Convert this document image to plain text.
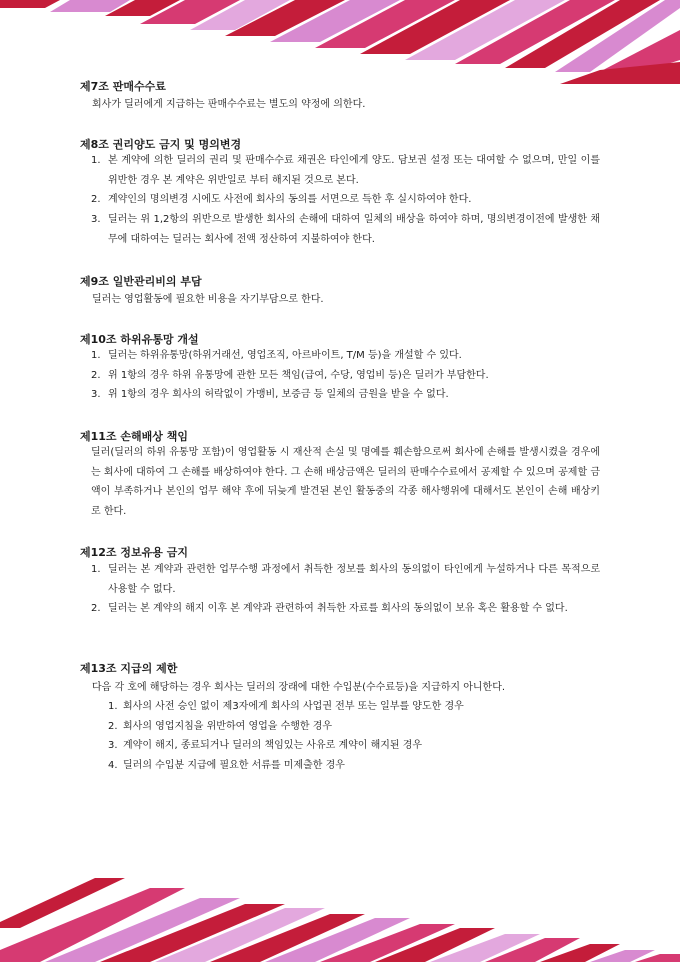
제7조 판매수수료
회사가 딜러에게 지급하는 판매수수료는 별도의 약정에 의한다.
제8조 권리양도 금지 및 명의변경
1. 본 계약에 의한 딜러의 권리 및 판매수수료 채권은 타인에게 양도. 담보권 설정 또는 대여할 수 없으며, 만일 이를 위반한 경우 본 계약은 위반일로 부터 해지된 것으로 본다.
2. 계약인의 명의변경 시에도 사전에 회사의 동의를 서면으로 득한 후 실시하여야 한다.
3. 딜러는 위 1,2항의 위반으로 발생한 회사의 손해에 대하여 일체의 배상을 하여야 하며, 명의변경이전에 발생한 채무에 대하여는 딜러는 회사에 전액 정산하여 지불하여야 한다.
제9조 일반관리비의 부담
딜러는 영업활동에 필요한 비용을 자기부담으로 한다.
제10조 하위유통망 개설
1. 딜러는 하위유통망(하위거래선, 영업조직, 아르바이트, T/M 등)을 개설할 수 있다.
2. 위 1항의 경우 하위 유통망에 관한 모든 책임(급여, 수당, 영업비 등)은 딜러가 부담한다.
3. 위 1항의 경우 회사의 허락없이 가맹비, 보증금 등 일체의 금원을 받을 수 없다.
제11조 손해배상 책임
딜러(딜러의 하위 유통망 포함)이 영업활동 시 재산적 손실 및 명예를 훼손함으로써 회사에 손해를 발생시켰을 경우에는 회사에 대하여 그 손해를 배상하여야 한다. 그 손해 배상금액은 딜러의 판매수수료에서 공제할 수 있으며 공제할 금액이 부족하거나 본인의 업무 해약 후에 뒤늦게 발견된 본인 활동중의 각종 해사행위에 대해서도 본인이 손해 배상키로 한다.
제12조 정보유용 금지
1. 딜러는 본 계약과 관련한 업무수행 과정에서 취득한 정보를 회사의 동의없이 타인에게 누설하거나 다른 목적으로 사용할 수 없다.
2. 딜러는 본 계약의 해지 이후 본 계약과 관련하여 취득한 자료를 회사의 동의없이 보유 혹은 활용할 수 없다.
제13조 지급의 제한
다음 각 호에 해당하는 경우 회사는 딜러의 장래에 대한 수입분(수수료등)을 지급하지 아니한다.
1. 회사의 사전 승인 없이 제3자에게 회사의 사업권 전부 또는 일부를 양도한 경우
2. 회사의 영업지침을 위반하여 영업을 수행한 경우
3. 계약이 해지, 종료되거나 딜러의 책임있는 사유로 계약이 해지된 경우
4. 딜러의 수입분 지급에 필요한 서류를 미제출한 경우
